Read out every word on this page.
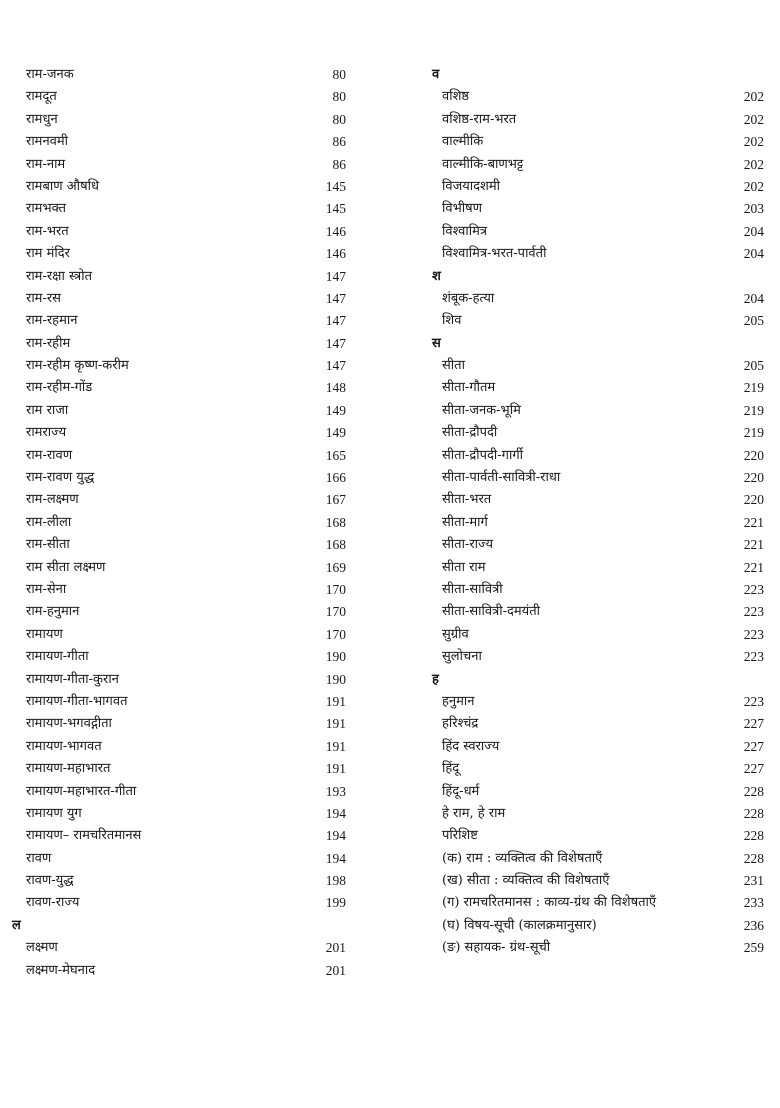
राम-जनक	80
रामदूत	80
रामधुन	80
रामनवमी	86
राम-नाम	86
रामबाण औषधि	145
रामभक्त	145
राम-भरत	146
राम मंदिर	146
राम-रक्षा स्त्रोत	147
राम-रस	147
राम-रहमान	147
राम-रहीम	147
राम-रहीम कृष्ण-करीम	147
राम-रहीम-गोंड	148
राम राजा	149
रामराज्य	149
राम-रावण	165
राम-रावण युद्ध	166
राम-लक्ष्मण	167
राम-लीला	168
राम-सीता	168
राम सीता लक्ष्मण	169
राम-सेना	170
राम-हनुमान	170
रामायण	170
रामायण-गीता	190
रामायण-गीता-कुरान	190
रामायण-गीता-भागवत	191
रामायण-भगवद्गीता	191
रामायण-भागवत	191
रामायण-महाभारत	191
रामायण-महाभारत-गीता	193
रामायण युग	194
रामायण– रामचरितमानस	194
रावण	194
रावण-युद्ध	198
रावण-राज्य	199
ल
लक्ष्मण	201
लक्ष्मण-मेघनाद	201
व
वशिष्ठ	202
वशिष्ठ-राम-भरत	202
वाल्मीकि	202
वाल्मीकि-बाणभट्ट	202
विजयादशमी	202
विभीषण	203
विश्वामित्र	204
विश्वामित्र-भरत-पार्वती	204
श
शंबूक-हत्या	204
शिव	205
स
सीता	205
सीता-गौतम	219
सीता-जनक-भूमि	219
सीता-द्रौपदी	219
सीता-द्रौपदी-गार्गी	220
सीता-पार्वती-सावित्री-राधा	220
सीता-भरत	220
सीता-मार्ग	221
सीता-राज्य	221
सीता राम	221
सीता-सावित्री	223
सीता-सावित्री-दमयंती	223
सुग्रीव	223
सुलोचना	223
ह
हनुमान	223
हरिश्चंद्र	227
हिंद स्वराज्य	227
हिंदू	227
हिंदू-धर्म	228
हे राम, हे राम	228
परिशिष्ट	228
(क) राम : व्यक्तित्व की विशेषताएँ	228
(ख) सीता : व्यक्तित्व की विशेषताएँ	231
(ग) रामचरितमानस : काव्य-ग्रंथ की विशेषताएँ	233
(घ) विषय-सूची (कालक्रमानुसार)	236
(ङ) सहायक- ग्रंथ-सूची	259
